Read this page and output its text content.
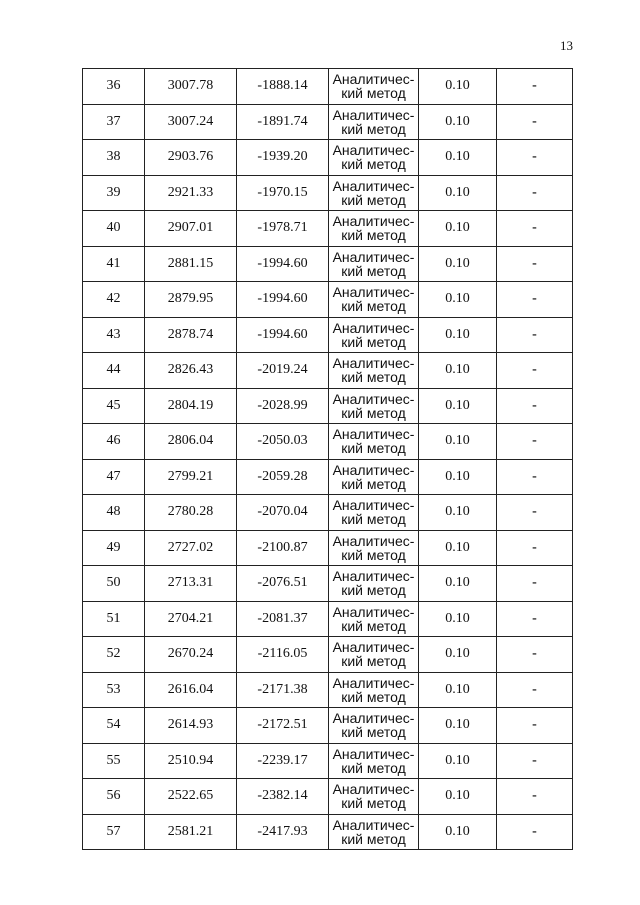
13
36	3007.78	-1888.14	Аналитичес-
кий метод	0.10	-
37	3007.24	-1891.74	Аналитичес-
кий метод	0.10	-
38	2903.76	-1939.20	Аналитичес-
кий метод	0.10	-
39	2921.33	-1970.15	Аналитичес-
кий метод	0.10	-
40	2907.01	-1978.71	Аналитичес-
кий метод	0.10	-
41	2881.15	-1994.60	Аналитичес-
кий метод	0.10	-
42	2879.95	-1994.60	Аналитичес-
кий метод	0.10	-
43	2878.74	-1994.60	Аналитичес-
кий метод	0.10	-
44	2826.43	-2019.24	Аналитичес-
кий метод	0.10	-
45	2804.19	-2028.99	Аналитичес-
кий метод	0.10	-
46	2806.04	-2050.03	Аналитичес-
кий метод	0.10	-
47	2799.21	-2059.28	Аналитичес-
кий метод	0.10	-
48	2780.28	-2070.04	Аналитичес-
кий метод	0.10	-
49	2727.02	-2100.87	Аналитичес-
кий метод	0.10	-
50	2713.31	-2076.51	Аналитичес-
кий метод	0.10	-
51	2704.21	-2081.37	Аналитичес-
кий метод	0.10	-
52	2670.24	-2116.05	Аналитичес-
кий метод	0.10	-
53	2616.04	-2171.38	Аналитичес-
кий метод	0.10	-
54	2614.93	-2172.51	Аналитичес-
кий метод	0.10	-
55	2510.94	-2239.17	Аналитичес-
кий метод	0.10	-
56	2522.65	-2382.14	Аналитичес-
кий метод	0.10	-
57	2581.21	-2417.93	Аналитичес-
кий метод	0.10	-
